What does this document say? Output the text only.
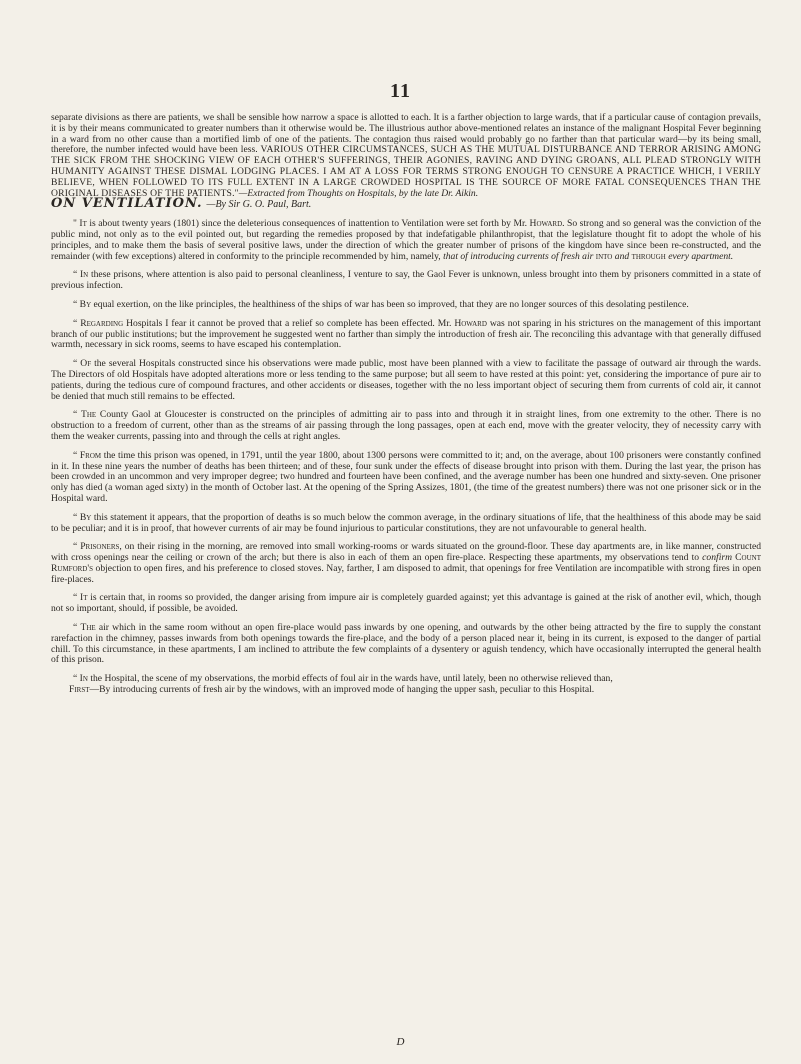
11

separate divisions as there are patients, we shall be sensible how narrow a space is allotted to each. It is a farther objection to large wards, that if a particular cause of contagion prevails, it is by their means communicated to greater numbers than it otherwise would be. The illustrious author above-mentioned relates an instance of the malignant Hospital Fever beginning in a ward from no other cause than a mortified limb of one of the patients. The contagion thus raised would probably go no farther than that particular ward—by its being small, therefore, the number infected would have been less. VARIOUS OTHER CIRCUMSTANCES, SUCH AS THE MUTUAL DISTURBANCE AND TERROR ARISING AMONG THE SICK FROM THE SHOCKING VIEW OF EACH OTHER'S SUFFERINGS, THEIR AGONIES, RAVING AND DYING GROANS, ALL PLEAD STRONGLY WITH HUMANITY AGAINST THESE DISMAL LODGING PLACES. I AM AT A LOSS FOR TERMS STRONG ENOUGH TO CENSURE A PRACTICE WHICH, I VERILY BELIEVE, WHEN FOLLOWED TO ITS FULL EXTENT IN A LARGE CROWDED HOSPITAL IS THE SOURCE OF MORE FATAL CONSEQUENCES THAN THE ORIGINAL DISEASES OF THE PATIENTS."—Extracted from Thoughts on Hospitals, by the late Dr. Aikin.

ON VENTILATION. —By Sir G. O. Paul, Bart.

" It is about twenty years (1801) since the deleterious consequences of inattention to Ventilation were set forth by Mr. Howard. So strong and so general was the conviction of the public mind, not only as to the evil pointed out, but regarding the remedies proposed by that indefatigable philanthropist, that the legislature thought fit to adopt the whole of his principles, and to make them the basis of several positive laws, under the direction of which the greater number of prisons of the kingdom have since been re-constructed, and the remainder (with few exceptions) altered in conformity to the principle recommended by him, namely, that of introducing currents of fresh air into and through every apartment.

“ In these prisons, where attention is also paid to personal cleanliness, I venture to say, the Gaol Fever is unknown, unless brought into them by prisoners committed in a state of previous infection.

“ By equal exertion, on the like principles, the healthiness of the ships of war has been so improved, that they are no longer sources of this desolating pestilence.

“ Regarding Hospitals I fear it cannot be proved that a relief so complete has been effected. Mr. Howard was not sparing in his strictures on the management of this important branch of our public institutions; but the improvement he suggested went no farther than simply the introduction of fresh air. The reconciling this advantage with that generally diffused warmth, necessary in sick rooms, seems to have escaped his contemplation.

“ Of the several Hospitals constructed since his observations were made public, most have been planned with a view to facilitate the passage of outward air through the wards. The Directors of old Hospitals have adopted alterations more or less tending to the same purpose; but all seem to have rested at this point: yet, considering the importance of pure air to patients, during the tedious cure of compound fractures, and other accidents or diseases, together with the no less important object of securing them from currents of cold air, it cannot be denied that much still remains to be effected.

“ The County Gaol at Gloucester is constructed on the principles of admitting air to pass into and through it in straight lines, from one extremity to the other. There is no obstruction to a freedom of current, other than as the streams of air passing through the long passages, open at each end, move with the greater velocity, they of necessity carry with them the weaker currents, passing into and through the cells at right angles.

“ From the time this prison was opened, in 1791, until the year 1800, about 1300 persons were committed to it; and, on the average, about 100 prisoners were constantly confined in it. In these nine years the number of deaths has been thirteen; and of these, four sunk under the effects of disease brought into prison with them. During the last year, the prison has been crowded in an uncommon and very improper degree; two hundred and fourteen have been confined, and the average number has been one hundred and sixty-seven. One prisoner only has died (a woman aged sixty) in the month of October last. At the opening of the Spring Assizes, 1801, (the time of the greatest numbers) there was not one prisoner sick or in the Hospital ward.

“ By this statement it appears, that the proportion of deaths is so much below the common average, in the ordinary situations of life, that the healthiness of this abode may be said to be peculiar; and it is in proof, that however currents of air may be found injurious to particular constitutions, they are not unfavourable to general health.

“ Prisoners, on their rising in the morning, are removed into small working-rooms or wards situated on the ground-floor. These day apartments are, in like manner, constructed with cross openings near the ceiling or crown of the arch; but there is also in each of them an open fire-place. Respecting these apartments, my observations tend to confirm Count Rumford's objection to open fires, and his preference to closed stoves. Nay, farther, I am disposed to admit, that openings for free Ventilation are incompatible with strong fires in open fire-places.

“ It is certain that, in rooms so provided, the danger arising from impure air is completely guarded against; yet this advantage is gained at the risk of another evil, which, though not so important, should, if possible, be avoided.

“ The air which in the same room without an open fire-place would pass inwards by one opening, and outwards by the other being attracted by the fire to supply the constant rarefaction in the chimney, passes inwards from both openings towards the fire-place, and the body of a person placed near it, being in its current, is exposed to the danger of partial chill. To this circumstance, in these apartments, I am inclined to attribute the few complaints of a dysentery or aguish tendency, which have occasionally interrupted the general health of this prison.

“ In the Hospital, the scene of my observations, the morbid effects of foul air in the wards have, until lately, been no otherwise relieved than,

First—By introducing currents of fresh air by the windows, with an improved mode of hanging the upper sash, peculiar to this Hospital.

D
